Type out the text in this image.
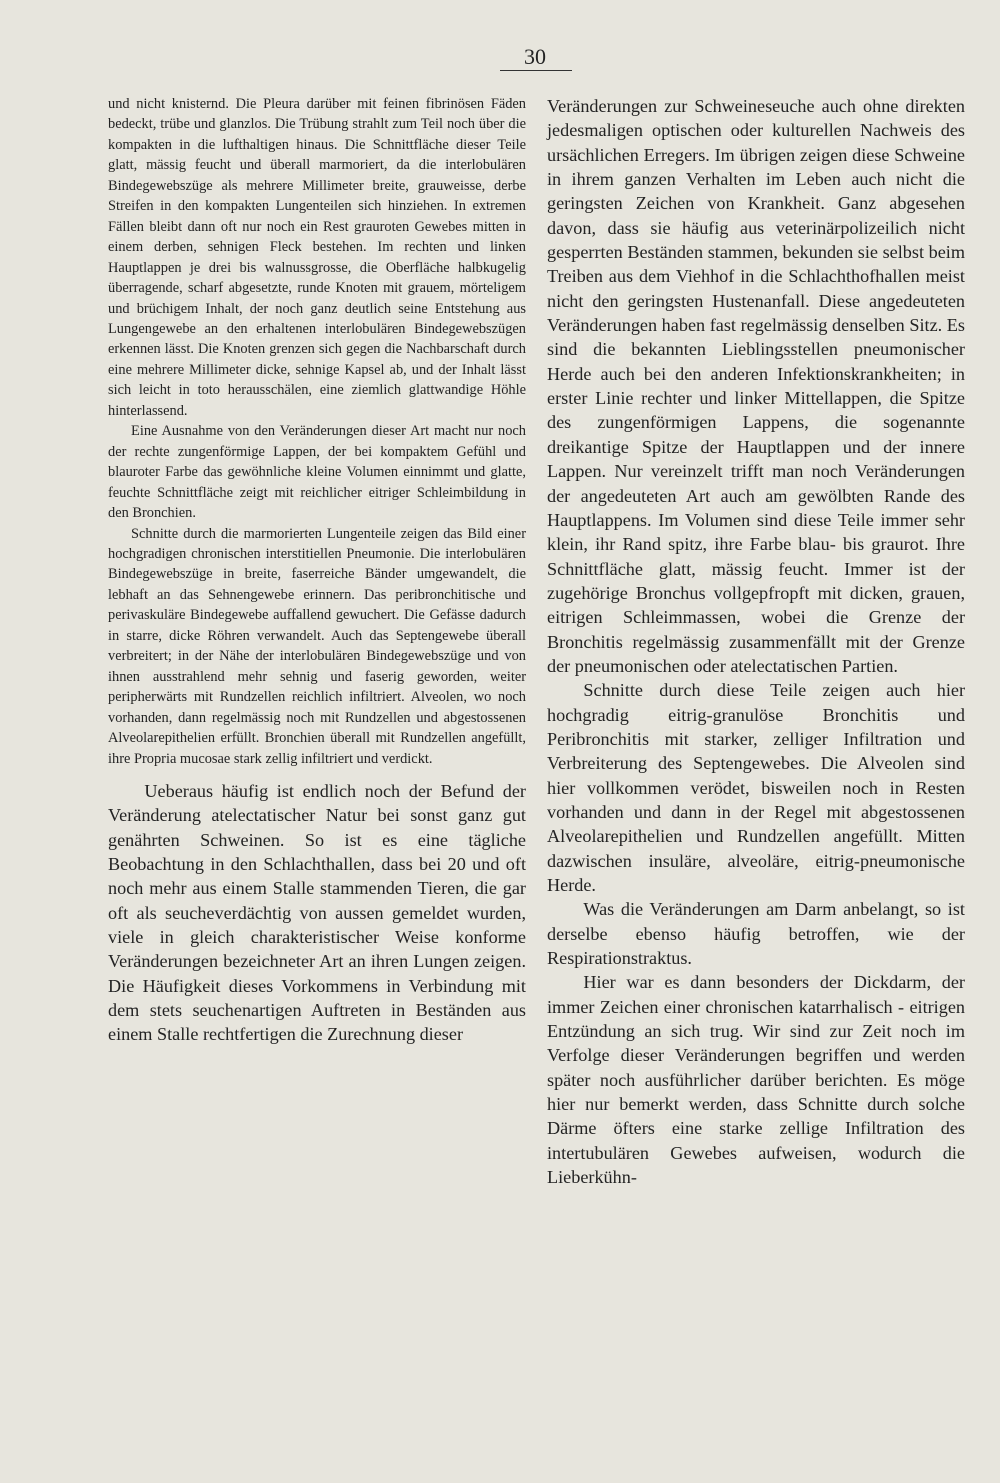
30

und nicht knisternd. Die Pleura darüber mit feinen fibrinösen Fäden bedeckt, trübe und glanzlos. Die Trübung strahlt zum Teil noch über die kompakten in die lufthaltigen hinaus. Die Schnittfläche dieser Teile glatt, mässig feucht und überall marmoriert, da die interlobulären Bindegewebszüge als mehrere Millimeter breite, grauweisse, derbe Streifen in den kompakten Lungenteilen sich hinziehen. In extremen Fällen bleibt dann oft nur noch ein Rest grauroten Gewebes mitten in einem derben, sehnigen Fleck bestehen. Im rechten und linken Hauptlappen je drei bis walnussgrosse, die Oberfläche halbkugelig überragende, scharf abgesetzte, runde Knoten mit grauem, mörteligem und brüchigem Inhalt, der noch ganz deutlich seine Entstehung aus Lungengewebe an den erhaltenen interlobulären Bindegewebszügen erkennen lässt. Die Knoten grenzen sich gegen die Nachbarschaft durch eine mehrere Millimeter dicke, sehnige Kapsel ab, und der Inhalt lässt sich leicht in toto herausschälen, eine ziemlich glattwandige Höhle hinterlassend.

Eine Ausnahme von den Veränderungen dieser Art macht nur noch der rechte zungenförmige Lappen, der bei kompaktem Gefühl und blauroter Farbe das gewöhnliche kleine Volumen einnimmt und glatte, feuchte Schnittfläche zeigt mit reichlicher eitriger Schleimbildung in den Bronchien.

Schnitte durch die marmorierten Lungenteile zeigen das Bild einer hochgradigen chronischen interstitiellen Pneumonie. Die interlobulären Bindegewebszüge in breite, faserreiche Bänder umgewandelt, die lebhaft an das Sehnengewebe erinnern. Das peribronchitische und perivaskuläre Bindegewebe auffallend gewuchert. Die Gefässe dadurch in starre, dicke Röhren verwandelt. Auch das Septengewebe überall verbreitert; in der Nähe der interlobulären Bindegewebszüge und von ihnen ausstrahlend mehr sehnig und faserig geworden, weiter peripherwärts mit Rundzellen reichlich infiltriert. Alveolen, wo noch vorhanden, dann regelmässig noch mit Rundzellen und abgestossenen Alveolarepithelien erfüllt. Bronchien überall mit Rundzellen angefüllt, ihre Propria mucosae stark zellig infiltriert und verdickt.

Ueberaus häufig ist endlich noch der Befund der Veränderung atelectatischer Natur bei sonst ganz gut genährten Schweinen. So ist es eine tägliche Beobachtung in den Schlachthallen, dass bei 20 und oft noch mehr aus einem Stalle stammenden Tieren, die gar oft als seucheverdächtig von aussen gemeldet wurden, viele in gleich charakteristischer Weise konforme Veränderungen bezeichneter Art an ihren Lungen zeigen. Die Häufigkeit dieses Vorkommens in Verbindung mit dem stets seuchenartigen Auftreten in Beständen aus einem Stalle rechtfertigen die Zurechnung dieser

Veränderungen zur Schweineseuche auch ohne direkten jedesmaligen optischen oder kulturellen Nachweis des ursächlichen Erregers. Im übrigen zeigen diese Schweine in ihrem ganzen Verhalten im Leben auch nicht die geringsten Zeichen von Krankheit. Ganz abgesehen davon, dass sie häufig aus veterinärpolizeilich nicht gesperrten Beständen stammen, bekunden sie selbst beim Treiben aus dem Viehhof in die Schlachthofhallen meist nicht den geringsten Hustenanfall. Diese angedeuteten Veränderungen haben fast regelmässig denselben Sitz. Es sind die bekannten Lieblingsstellen pneumonischer Herde auch bei den anderen Infektionskrankheiten; in erster Linie rechter und linker Mittellappen, die Spitze des zungenförmigen Lappens, die sogenannte dreikantige Spitze der Hauptlappen und der innere Lappen. Nur vereinzelt trifft man noch Veränderungen der angedeuteten Art auch am gewölbten Rande des Hauptlappens. Im Volumen sind diese Teile immer sehr klein, ihr Rand spitz, ihre Farbe blau- bis graurot. Ihre Schnittfläche glatt, mässig feucht. Immer ist der zugehörige Bronchus vollgepfropft mit dicken, grauen, eitrigen Schleimmassen, wobei die Grenze der Bronchitis regelmässig zusammenfällt mit der Grenze der pneumonischen oder atelectatischen Partien.

Schnitte durch diese Teile zeigen auch hier hochgradig eitrig-granulöse Bronchitis und Peribronchitis mit starker, zelliger Infiltration und Verbreiterung des Septengewebes. Die Alveolen sind hier vollkommen verödet, bisweilen noch in Resten vorhanden und dann in der Regel mit abgestossenen Alveolarepithelien und Rundzellen angefüllt. Mitten dazwischen insuläre, alveoläre, eitrig-pneumonische Herde.

Was die Veränderungen am Darm anbelangt, so ist derselbe ebenso häufig betroffen, wie der Respirationstraktus.

Hier war es dann besonders der Dickdarm, der immer Zeichen einer chronischen katarrhalisch - eitrigen Entzündung an sich trug. Wir sind zur Zeit noch im Verfolge dieser Veränderungen begriffen und werden später noch ausführlicher darüber berichten. Es möge hier nur bemerkt werden, dass Schnitte durch solche Därme öfters eine starke zellige Infiltration des intertubulären Gewebes aufweisen, wodurch die Lieberkühn-
